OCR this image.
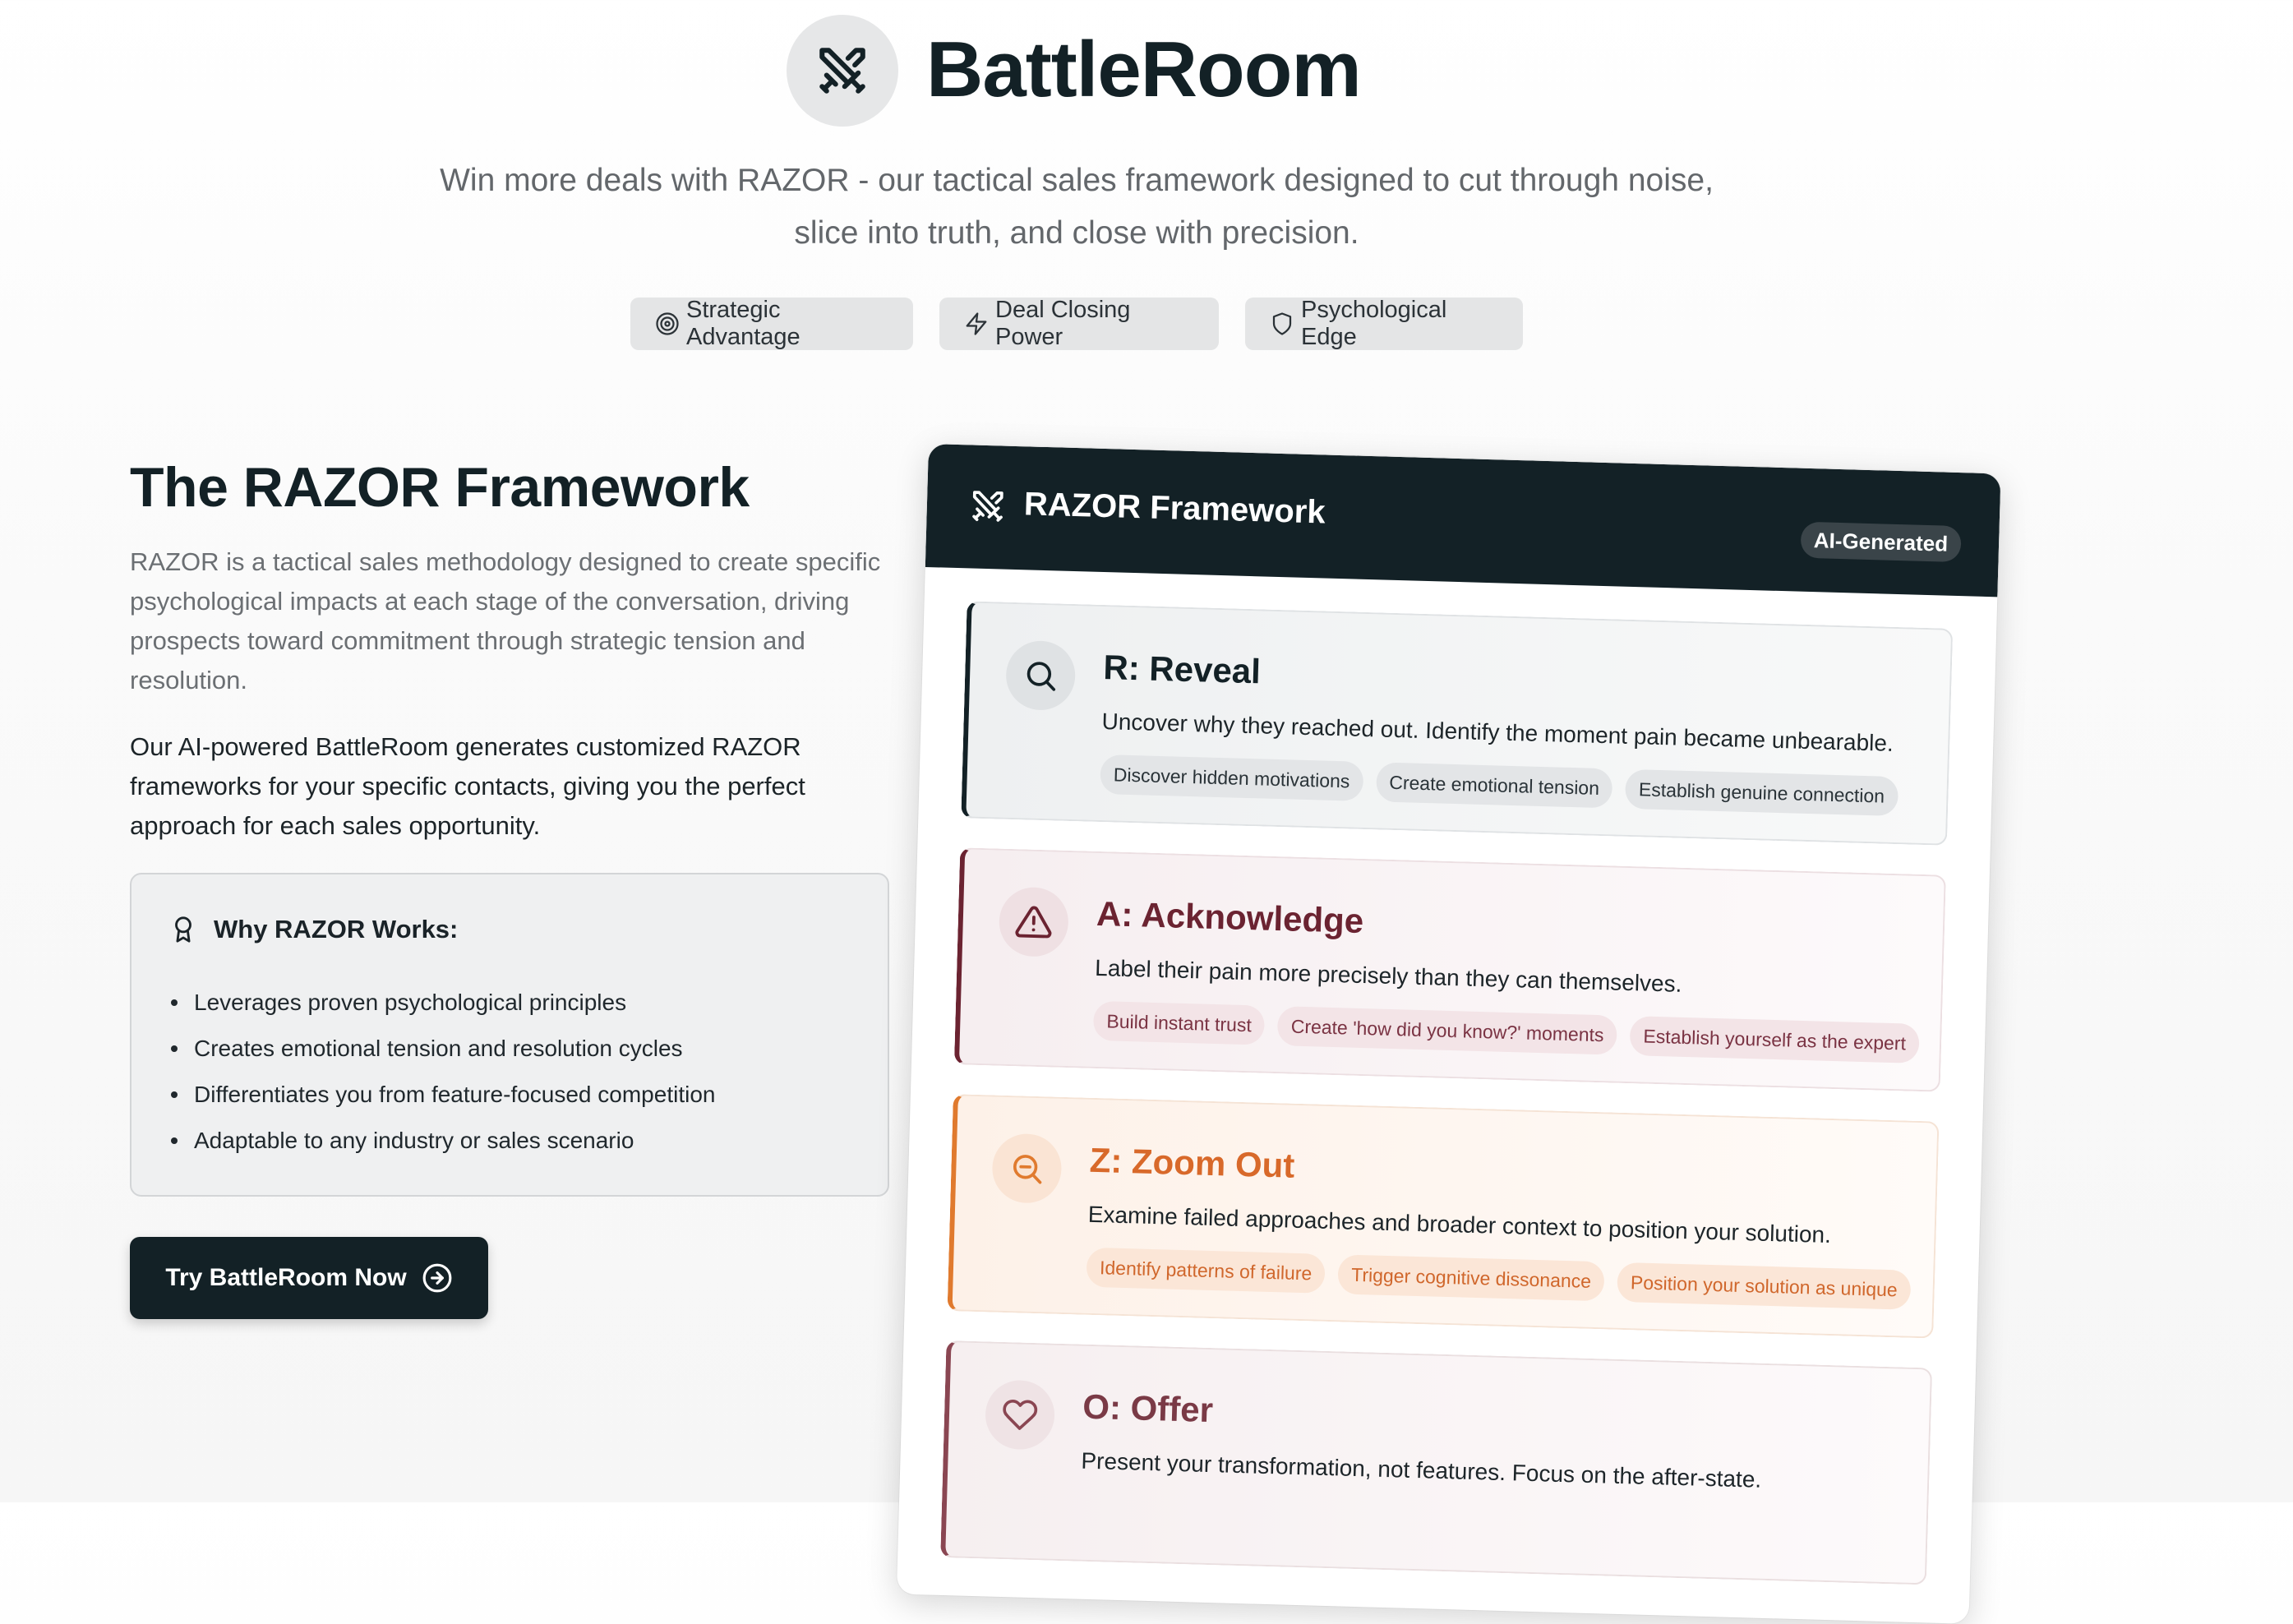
BattleRoom
Win more deals with RAZOR - our tactical sales framework designed to cut through noise,
slice into truth, and close with precision.
Strategic Advantage
Deal Closing Power
Psychological Edge
The RAZOR Framework

RAZOR is a tactical sales methodology designed to create specific psychological impacts at each stage of the conversation, driving prospects toward commitment through strategic tension and resolution.

Our AI-powered BattleRoom generates customized RAZOR frameworks for your specific contacts, giving you the perfect approach for each sales opportunity.

Why RAZOR Works:
Leverages proven psychological principles
Creates emotional tension and resolution cycles
Differentiates you from feature-focused competition
Adaptable to any industry or sales scenario
Try BattleRoom Now
RAZOR Framework
AI-Generated
R: Reveal
Uncover why they reached out. Identify the moment pain became unbearable.
Discover hidden motivations	Create emotional tension	Establish genuine connection
A: Acknowledge
Label their pain more precisely than they can themselves.
Build instant trust	Create 'how did you know?' moments	Establish yourself as the expert
Z: Zoom Out
Examine failed approaches and broader context to position your solution.
Identify patterns of failure	Trigger cognitive dissonance	Position your solution as unique
O: Offer
Present your transformation, not features. Focus on the after-state.
